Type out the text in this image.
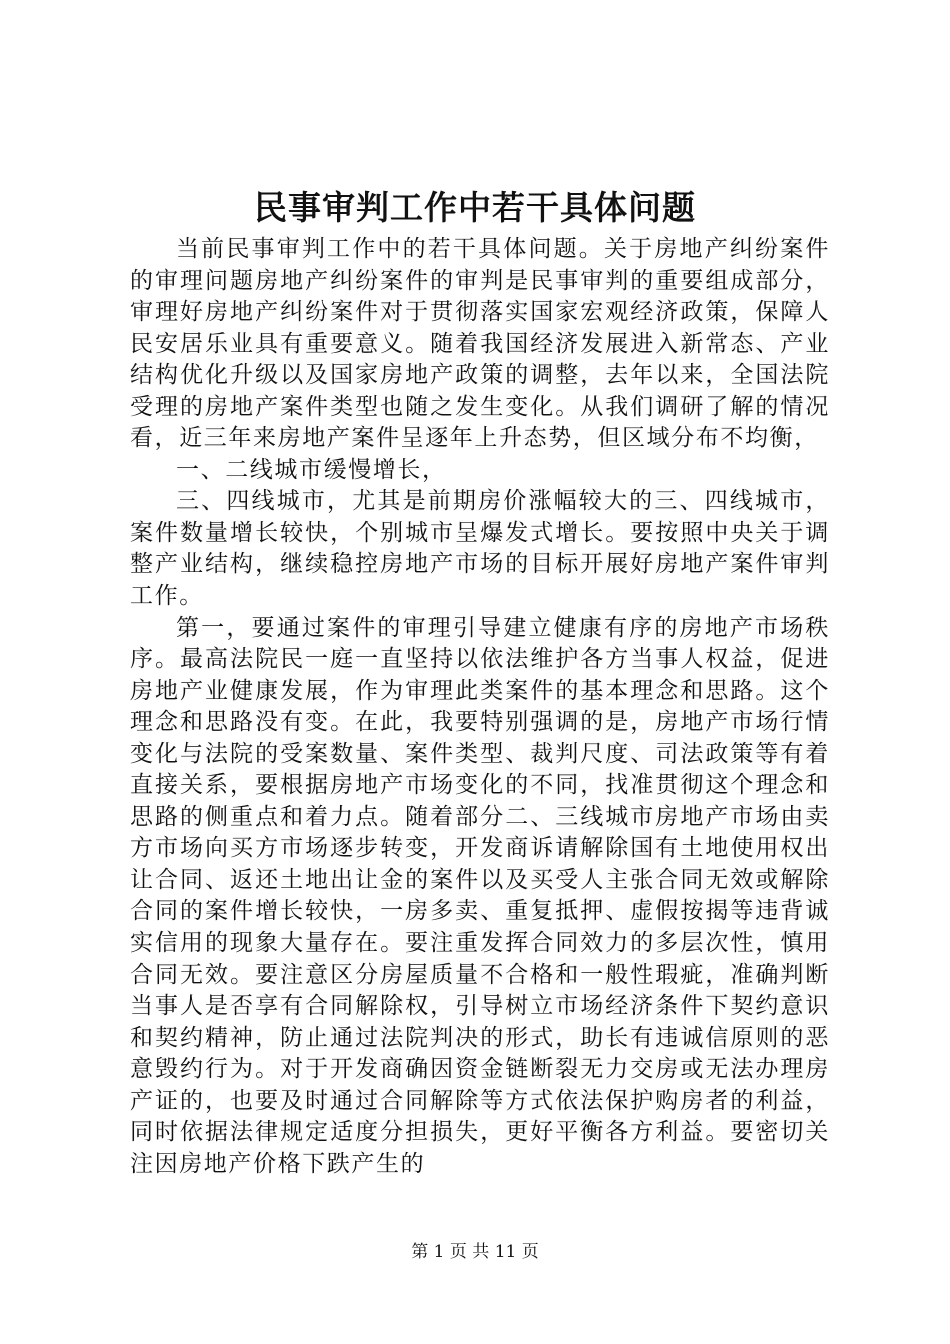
民事审判工作中若干具体问题

当前民事审判工作中的若干具体问题。关于房地产纠纷案件的审理问题房地产纠纷案件的审判是民事审判的重要组成部分，审理好房地产纠纷案件对于贯彻落实国家宏观经济政策，保障人民安居乐业具有重要意义。随着我国经济发展进入新常态、产业结构优化升级以及国家房地产政策的调整，去年以来，全国法院受理的房地产案件类型也随之发生变化。从我们调研了解的情况看，近三年来房地产案件呈逐年上升态势，但区域分布不均衡，

一、二线城市缓慢增长，

三、四线城市，尤其是前期房价涨幅较大的三、四线城市，案件数量增长较快，个别城市呈爆发式增长。要按照中央关于调整产业结构，继续稳控房地产市场的目标开展好房地产案件审判工作。

第一，要通过案件的审理引导建立健康有序的房地产市场秩序。最高法院民一庭一直坚持以依法维护各方当事人权益，促进房地产业健康发展，作为审理此类案件的基本理念和思路。这个理念和思路没有变。在此，我要特别强调的是，房地产市场行情变化与法院的受案数量、案件类型、裁判尺度、司法政策等有着直接关系，要根据房地产市场变化的不同，找准贯彻这个理念和思路的侧重点和着力点。随着部分二、三线城市房地产市场由卖方市场向买方市场逐步转变，开发商诉请解除国有土地使用权出让合同、返还土地出让金的案件以及买受人主张合同无效或解除合同的案件增长较快，一房多卖、重复抵押、虚假按揭等违背诚实信用的现象大量存在。要注重发挥合同效力的多层次性，慎用合同无效。要注意区分房屋质量不合格和一般性瑕疵，准确判断当事人是否享有合同解除权，引导树立市场经济条件下契约意识和契约精神，防止通过法院判决的形式，助长有违诚信原则的恶意毁约行为。对于开发商确因资金链断裂无力交房或无法办理房产证的，也要及时通过合同解除等方式依法保护购房者的利益，同时依据法律规定适度分担损失，更好平衡各方利益。要密切关注因房地产价格下跌产生的

第 1 页 共 11 页
